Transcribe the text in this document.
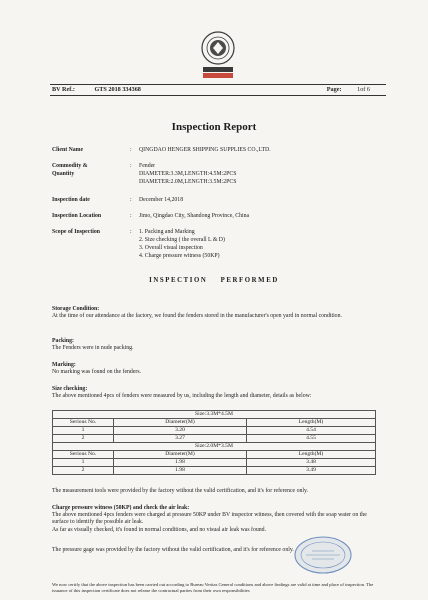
BV Ref.:	GTS 2018 334368	Page:	1of 6
Inspection Report
Client Name	: QINGDAO HENGER SHIPPING SUPPLIES CO.,LTD.
Commodity & Quantity
: Fender
DIAMETER:3.3M,LENGTH:4.5M:2PCS
DIAMETER:2.0M,LENGTH:3.5M:2PCS
Inspection date	: December 14,2018
Inspection Location	: Jimo, Qingdao City, Shandong Province, China
Scope of Inspection	: 1. Packing and Marking
2. Size checking ( the overall L & D)
3. Overall visual inspection
4. Charge pressure witness (50KP)
INSPECTION    PERFORMED
Storage Condition:
At the time of our attendance at the factory, we found the fenders stored in the manufacturer's open yard in normal condition.
Packing:
The Fenders were in nude packing.
Marking:
No marking was found on the fenders.
Size checking:
The above mentioned 4pcs of fenders were measured by us, including the length and diameter, details as below:
Size:3.3M*4.5M		
Serious No.	Diameter(M)	Length(M)
1	3.20	4.54
2	3.27	4.55
Size:2.0M*3.5M		
Serious No.	Diameter(M)	Length(M)
1	1.98	3.48
2	1.98	3.49
The measurement tools were provided by the factory without the valid certification, and it's for reference only.
Charge pressure witness (50KP) and check the air leak:
The above mentioned 4pcs fenders were charged at pressure 50KP under BV inspector witness, then covered with the soap water on the surface to identify the possible air leak.
As far as visually checked, it's found in normal conditions, and no visual air leak was found.
The pressure gage was provided by the factory without the valid certification, and it's for reference only.
We now certify that the above inspection has been carried out according to Bureau Veritas General conditions and above findings are valid at time and place of inspection. The issuance of this inspection certificate does not release the contractual parties from their own responsibilities
